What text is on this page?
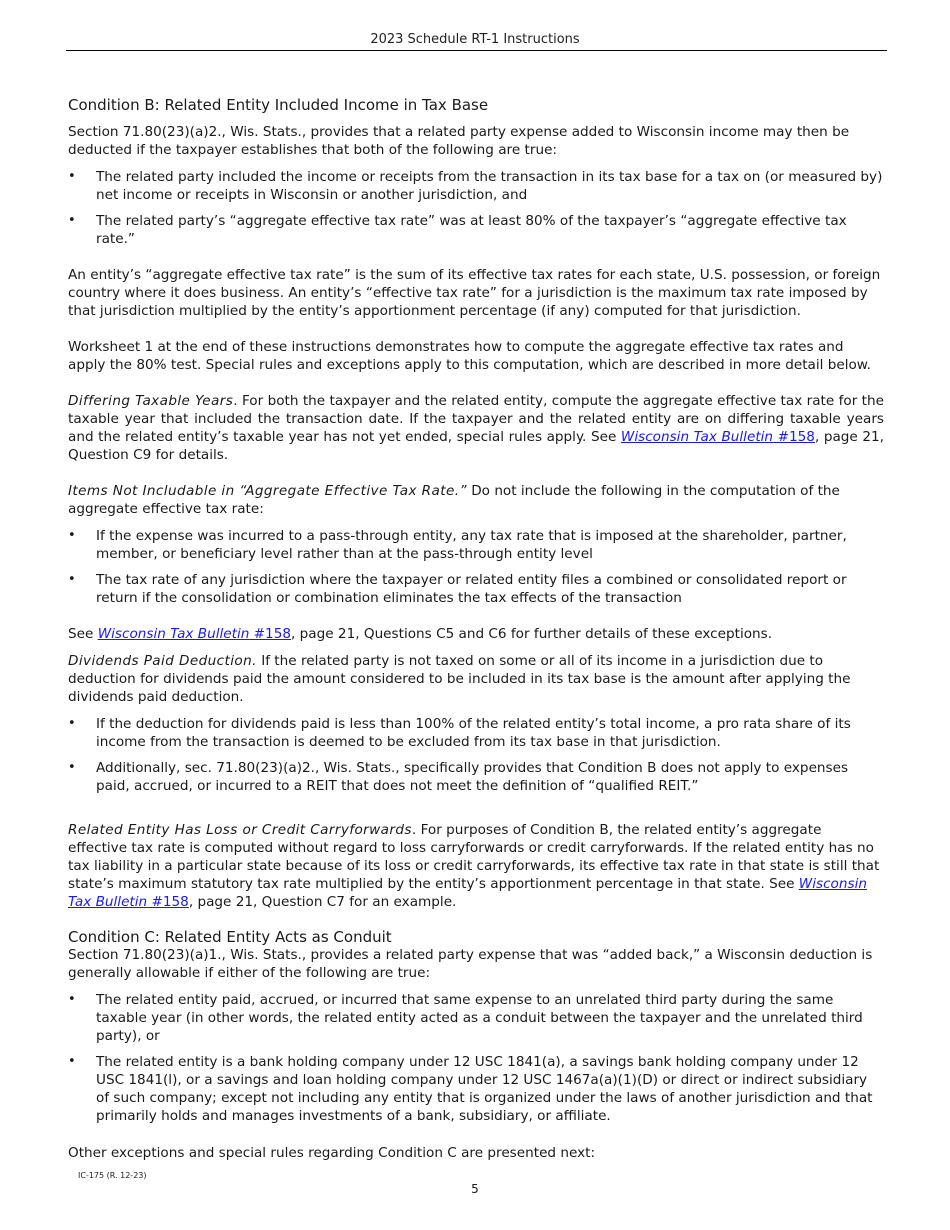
2023 Schedule RT-1 Instructions

Condition B: Related Entity Included Income in Tax Base

Section 71.80(23)(a)2., Wis. Stats., provides that a related party expense added to Wisconsin income may then be deducted if the taxpayer establishes that both of the following are true:

• The related party included the income or receipts from the transaction in its tax base for a tax on (or measured by) net income or receipts in Wisconsin or another jurisdiction, and
• The related party’s “aggregate effective tax rate” was at least 80% of the taxpayer’s “aggregate effective tax rate.”

An entity’s “aggregate effective tax rate” is the sum of its effective tax rates for each state, U.S. possession, or foreign country where it does business. An entity’s “effective tax rate” for a jurisdiction is the maximum tax rate imposed by that jurisdiction multiplied by the entity’s apportionment percentage (if any) computed for that jurisdiction.

Worksheet 1 at the end of these instructions demonstrates how to compute the aggregate effective tax rates and apply the 80% test. Special rules and exceptions apply to this computation, which are described in more detail below.

Differing Taxable Years. For both the taxpayer and the related entity, compute the aggregate effective tax rate for the taxable year that included the transaction date. If the taxpayer and the related entity are on differing taxable years and the related entity’s taxable year has not yet ended, special rules apply. See Wisconsin Tax Bulletin #158, page 21, Question C9 for details.

Items Not Includable in “Aggregate Effective Tax Rate.” Do not include the following in the computation of the aggregate effective tax rate:

• If the expense was incurred to a pass-through entity, any tax rate that is imposed at the shareholder, partner, member, or beneficiary level rather than at the pass-through entity level
• The tax rate of any jurisdiction where the taxpayer or related entity files a combined or consolidated report or return if the consolidation or combination eliminates the tax effects of the transaction

See Wisconsin Tax Bulletin #158, page 21, Questions C5 and C6 for further details of these exceptions.

Dividends Paid Deduction. If the related party is not taxed on some or all of its income in a jurisdiction due to deduction for dividends paid the amount considered to be included in its tax base is the amount after applying the dividends paid deduction.

• If the deduction for dividends paid is less than 100% of the related entity’s total income, a pro rata share of its income from the transaction is deemed to be excluded from its tax base in that jurisdiction.
• Additionally, sec. 71.80(23)(a)2., Wis. Stats., specifically provides that Condition B does not apply to expenses paid, accrued, or incurred to a REIT that does not meet the definition of “qualified REIT.”

Related Entity Has Loss or Credit Carryforwards. For purposes of Condition B, the related entity’s aggregate effective tax rate is computed without regard to loss carryforwards or credit carryforwards. If the related entity has no tax liability in a particular state because of its loss or credit carryforwards, its effective tax rate in that state is still that state’s maximum statutory tax rate multiplied by the entity’s apportionment percentage in that state. See Wisconsin Tax Bulletin #158, page 21, Question C7 for an example.

Condition C: Related Entity Acts as Conduit

Section 71.80(23)(a)1., Wis. Stats., provides a related party expense that was “added back,” a Wisconsin deduction is generally allowable if either of the following are true:

• The related entity paid, accrued, or incurred that same expense to an unrelated third party during the same taxable year (in other words, the related entity acted as a conduit between the taxpayer and the unrelated third party), or
• The related entity is a bank holding company under 12 USC 1841(a), a savings bank holding company under 12 USC 1841(l), or a savings and loan holding company under 12 USC 1467a(a)(1)(D) or direct or indirect subsidiary of such company; except not including any entity that is organized under the laws of another jurisdiction and that primarily holds and manages investments of a bank, subsidiary, or affiliate.

Other exceptions and special rules regarding Condition C are presented next:

IC-175 (R. 12-23)
5
